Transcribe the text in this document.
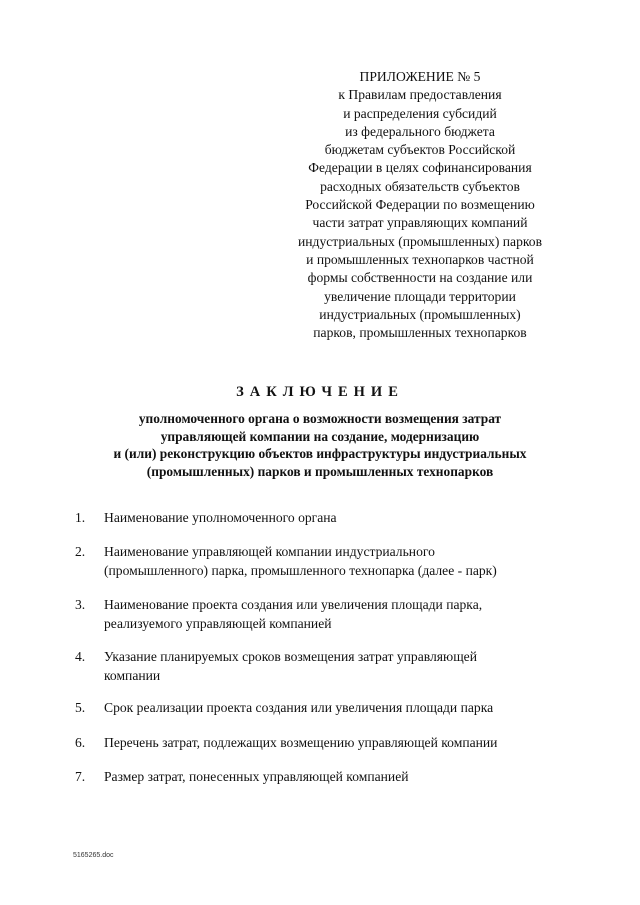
ПРИЛОЖЕНИЕ № 5
к Правилам предоставления
и распределения субсидий
из федерального бюджета
бюджетам субъектов Российской
Федерации в целях софинансирования
расходных обязательств субъектов
Российской Федерации по возмещению
части затрат управляющих компаний
индустриальных (промышленных) парков
и промышленных технопарков частной
формы собственности на создание или
увеличение площади территории
индустриальных (промышленных)
парков, промышленных технопарков
ЗАКЛЮЧЕНИЕ
уполномоченного органа о возможности возмещения затрат
управляющей компании на создание, модернизацию
и (или) реконструкцию объектов инфраструктуры индустриальных
(промышленных) парков и промышленных технопарков
1.	Наименование уполномоченного органа
2.	Наименование управляющей компании индустриального
(промышленного) парка, промышленного технопарка (далее - парк)
3.	Наименование проекта создания или увеличения площади парка,
реализуемого управляющей компанией
4.	Указание планируемых сроков возмещения затрат управляющей
компании
5.	Срок реализации проекта создания или увеличения площади парка
6.	Перечень затрат, подлежащих возмещению управляющей компании
7.	Размер затрат, понесенных управляющей компанией
5165265.doc
